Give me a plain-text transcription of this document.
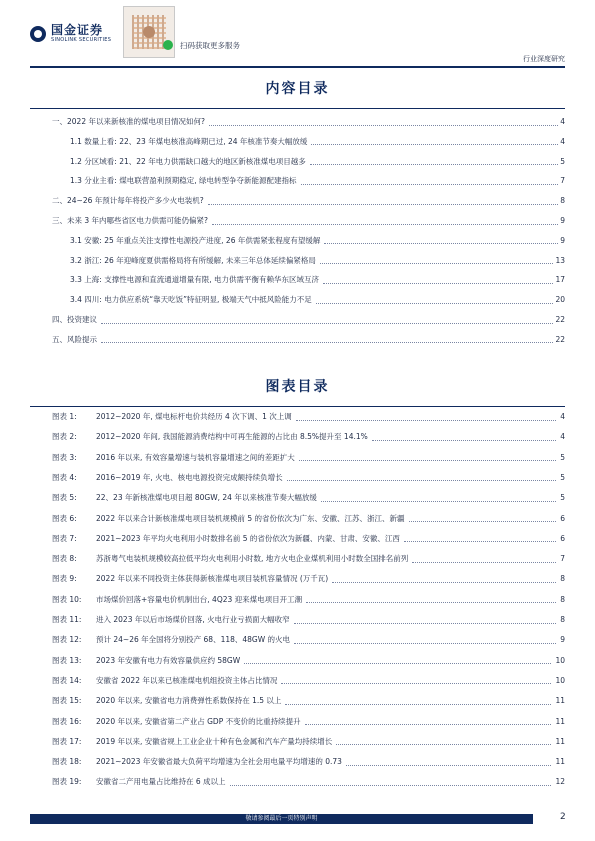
国金证券
SINOLINK SECURITIES
扫码获取更多服务
行业深度研究
内容目录
一、2022 年以来新核准的煤电项目情况如何?	4
1.1 数量上看: 22、23 年煤电核准高峰期已过, 24 年核准节奏大幅放缓	4
1.2 分区域看: 21、22 年电力供需缺口越大的地区新核准煤电项目越多	5
1.3 分业主看: 煤电联营盈利预期稳定, 绿电转型争夺新能源配建指标	7
二、24~26 年预计每年将投产多少火电装机?	8
三、未来 3 年内哪些省区电力供需可能仍偏紧?	9
3.1 安徽: 25 年重点关注支撑性电源投产进度, 26 年供需紧张程度有望缓解	9
3.2 浙江: 26 年迎峰度夏供需格局将有所缓解, 未来三年总体延续偏紧格局	13
3.3 上海: 支撑性电源和直流通道增量有限, 电力供需平衡有赖华东区域互济	17
3.4 四川: 电力供应系统“靠天吃饭”特征明显, 极端天气中抵风险能力不足	20
四、投资建议	22
五、风险提示	22
图表目录
图表 1:	2012~2020 年, 煤电标杆电价共经历 4 次下调、1 次上调	4
图表 2:	2012~2020 年间, 我国能源消费结构中可再生能源的占比由 8.5%提升至 14.1%	4
图表 3:	2016 年以来, 有效容量增速与装机容量增速之间的差距扩大	5
图表 4:	2016~2019 年, 火电、核电电源投资完成额持续负增长	5
图表 5:	22、23 年新核准煤电项目超 80GW, 24 年以来核准节奏大幅放缓	5
图表 6:	2022 年以来合计新核准煤电项目装机规模前 5 的省份依次为广东、安徽、江苏、浙江、新疆	6
图表 7:	2021~2023 年平均火电利用小时数排名前 5 的省份依次为新疆、内蒙、甘肃、安徽、江西	6
图表 8:	苏浙粤气电装机规模较高拉低平均火电利用小时数, 地方火电企业煤机利用小时数全国排名前列	7
图表 9:	2022 年以来不同投资主体获得新核准煤电项目装机容量情况 (万千瓦)	8
图表 10:	市场煤价回落+容量电价机制出台, 4Q23 迎来煤电项目开工潮	8
图表 11:	进入 2023 年以后市场煤价回落, 火电行业亏损面大幅收窄	8
图表 12:	预计 24~26 年全国将分别投产 68、118、48GW 的火电	9
图表 13:	2023 年安徽有电力有效容量供应约 58GW	10
图表 14:	安徽省 2022 年以来已核准煤电机组投资主体占比情况	10
图表 15:	2020 年以来, 安徽省电力消费弹性系数保持在 1.5 以上	11
图表 16:	2020 年以来, 安徽省第二产业占 GDP 不变价的比重持续提升	11
图表 17:	2019 年以来, 安徽省规上工业企业十种有色金属和汽车产量均持续增长	11
图表 18:	2021~2023 年安徽省最大负荷平均增速为全社会用电量平均增速的 0.73	11
图表 19:	安徽省二产用电量占比维持在 6 成以上	12
敬请参阅最后一页特别声明	2
